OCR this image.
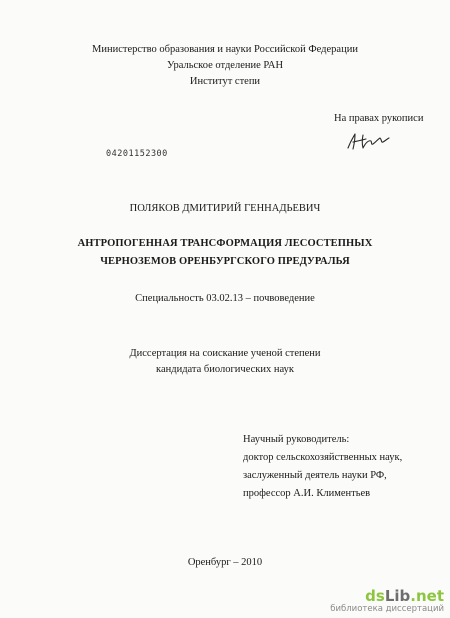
Министерство образования и науки Российской Федерации
Уральское отделение РАН
Институт степи
На правах рукописи
04201152300
ПОЛЯКОВ ДМИТИРИЙ ГЕННАДЬЕВИЧ
АНТРОПОГЕННАЯ ТРАНСФОРМАЦИЯ ЛЕСОСТЕПНЫХ
ЧЕРНОЗЕМОВ ОРЕНБУРГСКОГО ПРЕДУРАЛЬЯ
Специальность 03.02.13 – почвоведение
Диссертация на соискание ученой степени
кандидата биологических наук
Научный руководитель:
доктор сельскохозяйственных наук,
заслуженный деятель науки РФ,
профессор А.И. Климентьев
Оренбург – 2010
dsLib.net
библиотека диссертаций
